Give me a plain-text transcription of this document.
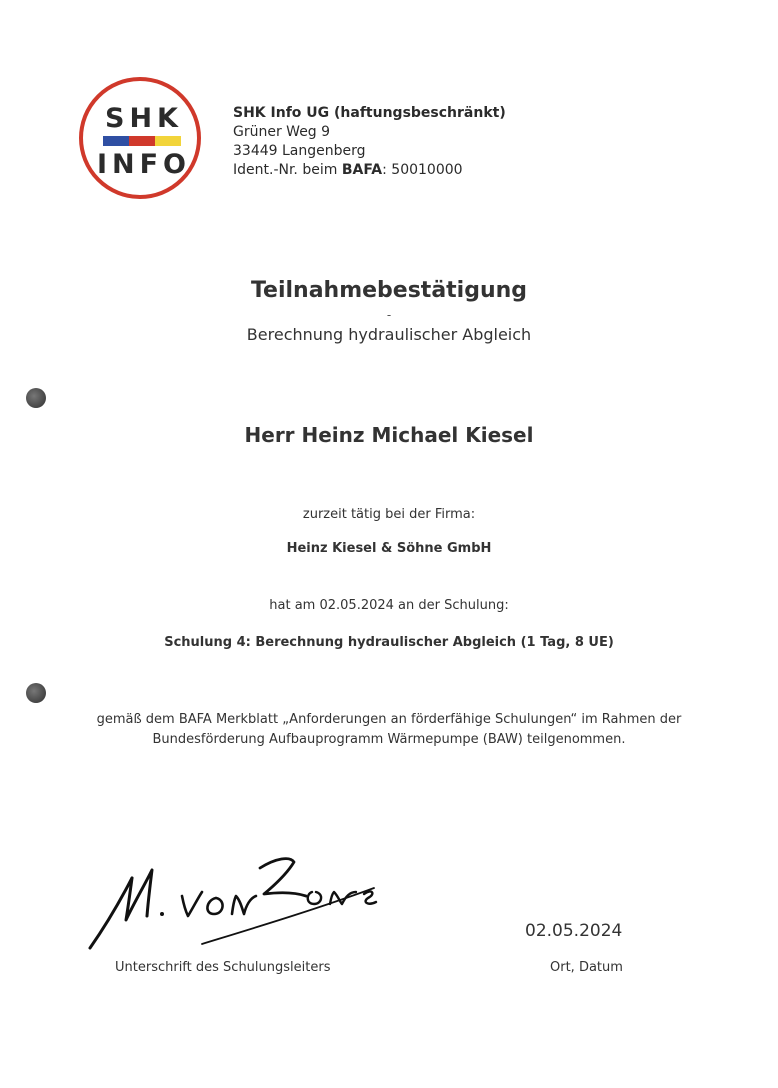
SHK
INFO
SHK Info UG (haftungsbeschränkt)
Grüner Weg 9
33449 Langenberg
Ident.-Nr. beim BAFA: 50010000
Teilnahmebestätigung
-
Berechnung hydraulischer Abgleich
Herr Heinz Michael Kiesel
zurzeit tätig bei der Firma:
Heinz Kiesel & Söhne GmbH
hat am 02.05.2024 an der Schulung:
Schulung 4: Berechnung hydraulischer Abgleich (1 Tag, 8 UE)
gemäß dem BAFA Merkblatt „Anforderungen an förderfähige Schulungen“ im Rahmen der
Bundesförderung Aufbauprogramm Wärmepumpe (BAW) teilgenommen.
Unterschrift des Schulungsleiters
02.05.2024
Ort, Datum
